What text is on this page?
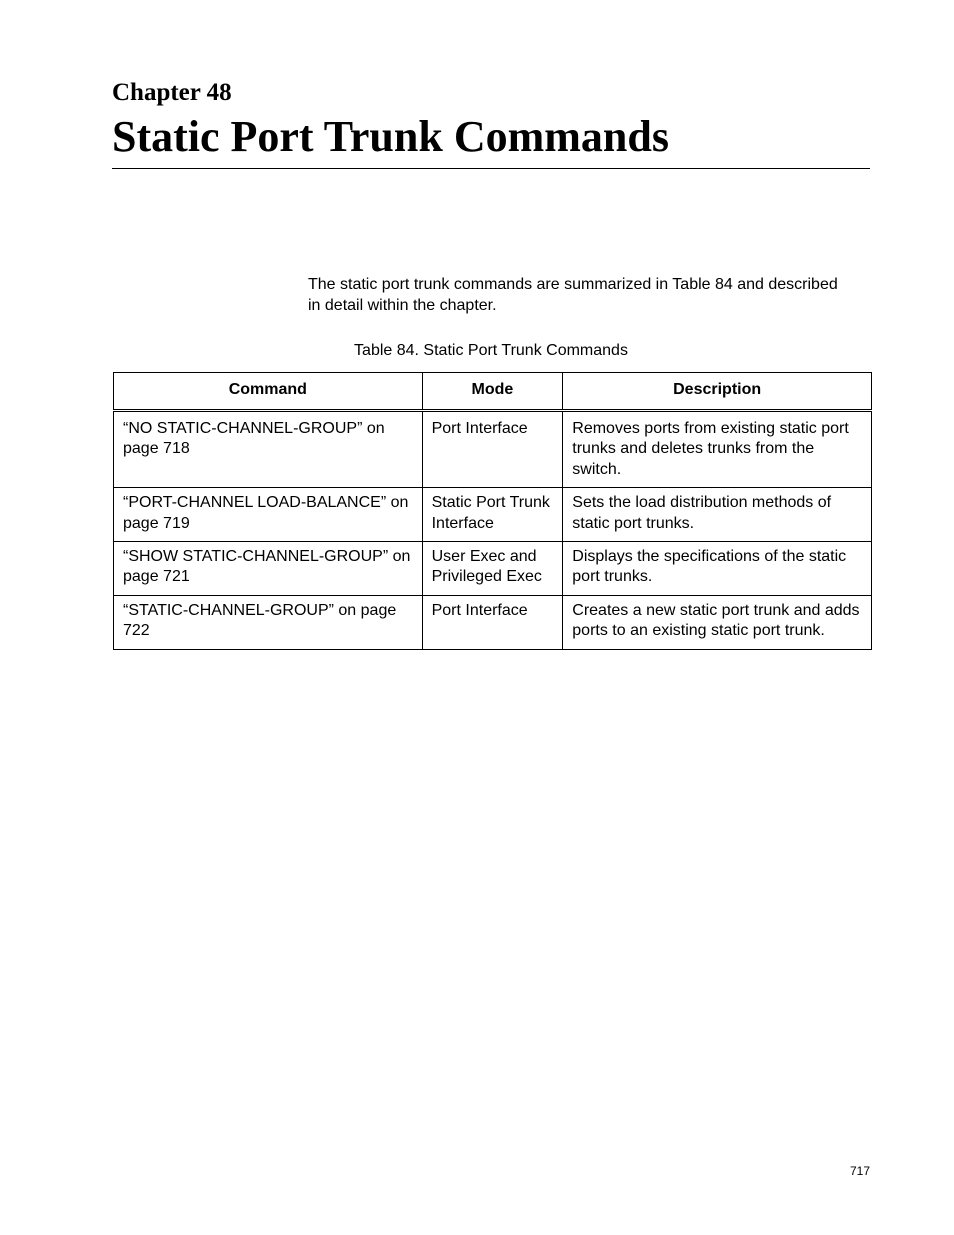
Chapter 48
Static Port Trunk Commands

The static port trunk commands are summarized in Table 84 and described in detail within the chapter.

Table 84. Static Port Trunk Commands

Command	Mode	Description
“NO STATIC-CHANNEL-GROUP” on page 718	Port Interface	Removes ports from existing static port trunks and deletes trunks from the switch.
“PORT-CHANNEL LOAD-BALANCE” on page 719	Static Port Trunk Interface	Sets the load distribution methods of static port trunks.
“SHOW STATIC-CHANNEL-GROUP” on page 721	User Exec and Privileged Exec	Displays the specifications of the static port trunks.
“STATIC-CHANNEL-GROUP” on page 722	Port Interface	Creates a new static port trunk and adds ports to an existing static port trunk.

717
